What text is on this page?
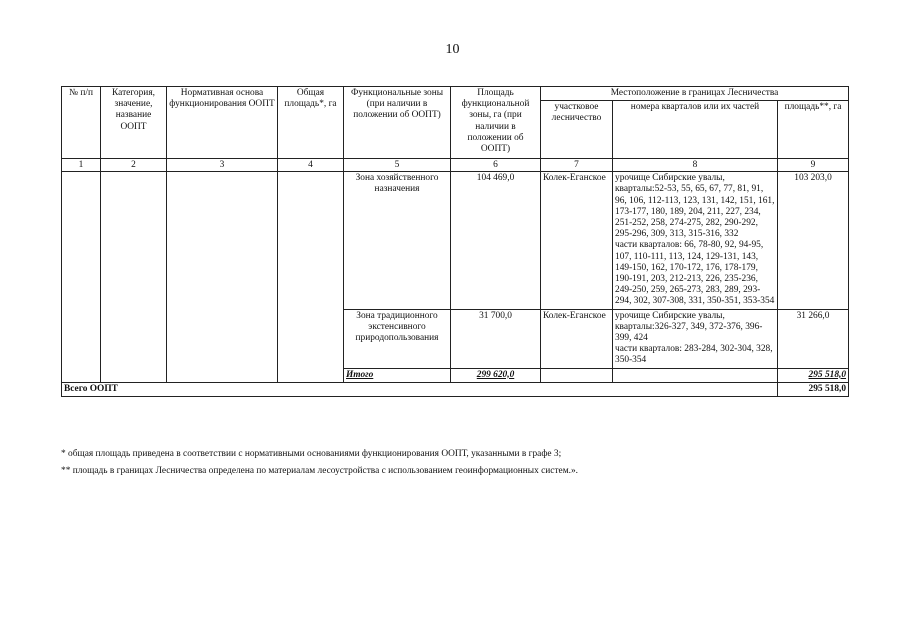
10
№ п/п	Категория, значение, название ООПТ	Нормативная основа функционирования ООПТ	Общая площадь*, га	Функциональные зоны (при наличии в положении об ООПТ)	Площадь функциональной зоны, га (при наличии в положении об ООПТ)	Местоположение в границах Лесничества		
						участковое лесничество	номера кварталов или их частей	площадь**, га
1	2	3	4	5	6	7	8	9
				Зона хозяйственного назначения	104 469,0	Колек-Еганское	урочище Сибирские увалы, кварталы:52-53, 55, 65, 67, 77, 81, 91, 96, 106, 112-113, 123, 131, 142, 151, 161, 173-177, 180, 189, 204, 211, 227, 234, 251-252, 258, 274-275, 282, 290-292, 295-296, 309, 313, 315-316, 332
части кварталов: 66, 78-80, 92, 94-95, 107, 110-111, 113, 124, 129-131, 143, 149-150, 162, 170-172, 176, 178-179, 190-191, 203, 212-213, 226, 235-236, 249-250, 259, 265-273, 283, 289, 293-294, 302, 307-308, 331, 350-351, 353-354	103 203,0
				Зона традиционного экстенсивного природопользования	31 700,0	Колек-Еганское	урочище Сибирские увалы, кварталы:326-327, 349, 372-376, 396-399, 424
части кварталов: 283-284, 302-304, 328, 350-354	31 266,0
				Итого	299 620,0			295 518,0
Всего ООПТ								295 518,0
* общая площадь приведена в соответствии с нормативными основаниями функционирования ООПТ, указанными в графе 3;
** площадь в границах Лесничества определена по материалам лесоустройства с использованием геоинформационных систем.».
